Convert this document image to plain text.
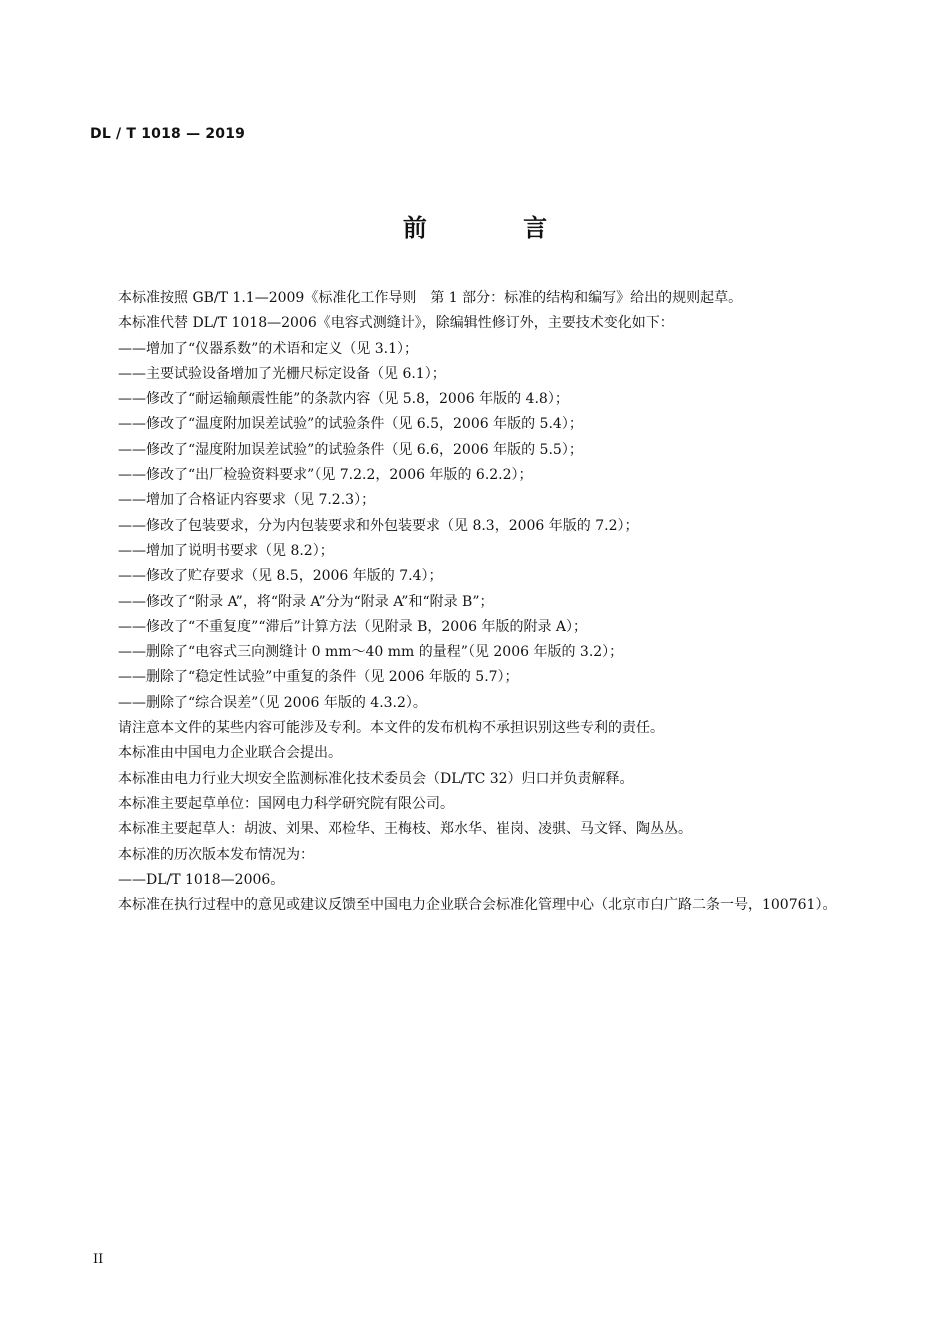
DL / T 1018 — 2019
前 言

本标准按照 GB/T 1.1—2009《标准化工作导则　第 1 部分：标准的结构和编写》给出的规则起草。

本标准代替 DL/T 1018—2006《电容式测缝计》，除编辑性修订外，主要技术变化如下：

——增加了“仪器系数”的术语和定义（见 3.1）；

——主要试验设备增加了光栅尺标定设备（见 6.1）；

——修改了“耐运输颠震性能”的条款内容（见 5.8，2006 年版的 4.8）；

——修改了“温度附加误差试验”的试验条件（见 6.5，2006 年版的 5.4）；

——修改了“湿度附加误差试验”的试验条件（见 6.6，2006 年版的 5.5）；

——修改了“出厂检验资料要求”（见 7.2.2，2006 年版的 6.2.2）；

——增加了合格证内容要求（见 7.2.3）；

——修改了包装要求，分为内包装要求和外包装要求（见 8.3，2006 年版的 7.2）；

——增加了说明书要求（见 8.2）；

——修改了贮存要求（见 8.5，2006 年版的 7.4）；

——修改了“附录 A”，将“附录 A”分为“附录 A”和“附录 B”；

——修改了“不重复度”“滞后”计算方法（见附录 B，2006 年版的附录 A）；

——删除了“电容式三向测缝计 0 mm～40 mm 的量程”（见 2006 年版的 3.2）；

——删除了“稳定性试验”中重复的条件（见 2006 年版的 5.7）；

——删除了“综合误差”（见 2006 年版的 4.3.2）。

请注意本文件的某些内容可能涉及专利。本文件的发布机构不承担识别这些专利的责任。

本标准由中国电力企业联合会提出。

本标准由电力行业大坝安全监测标准化技术委员会（DL/TC 32）归口并负责解释。

本标准主要起草单位：国网电力科学研究院有限公司。

本标准主要起草人：胡波、刘果、邓检华、王梅枝、郑水华、崔岗、凌骐、马文铎、陶丛丛。

本标准的历次版本发布情况为：

——DL/T 1018—2006。

本标准在执行过程中的意见或建议反馈至中国电力企业联合会标准化管理中心（北京市白广路二条一号，100761）。

II
